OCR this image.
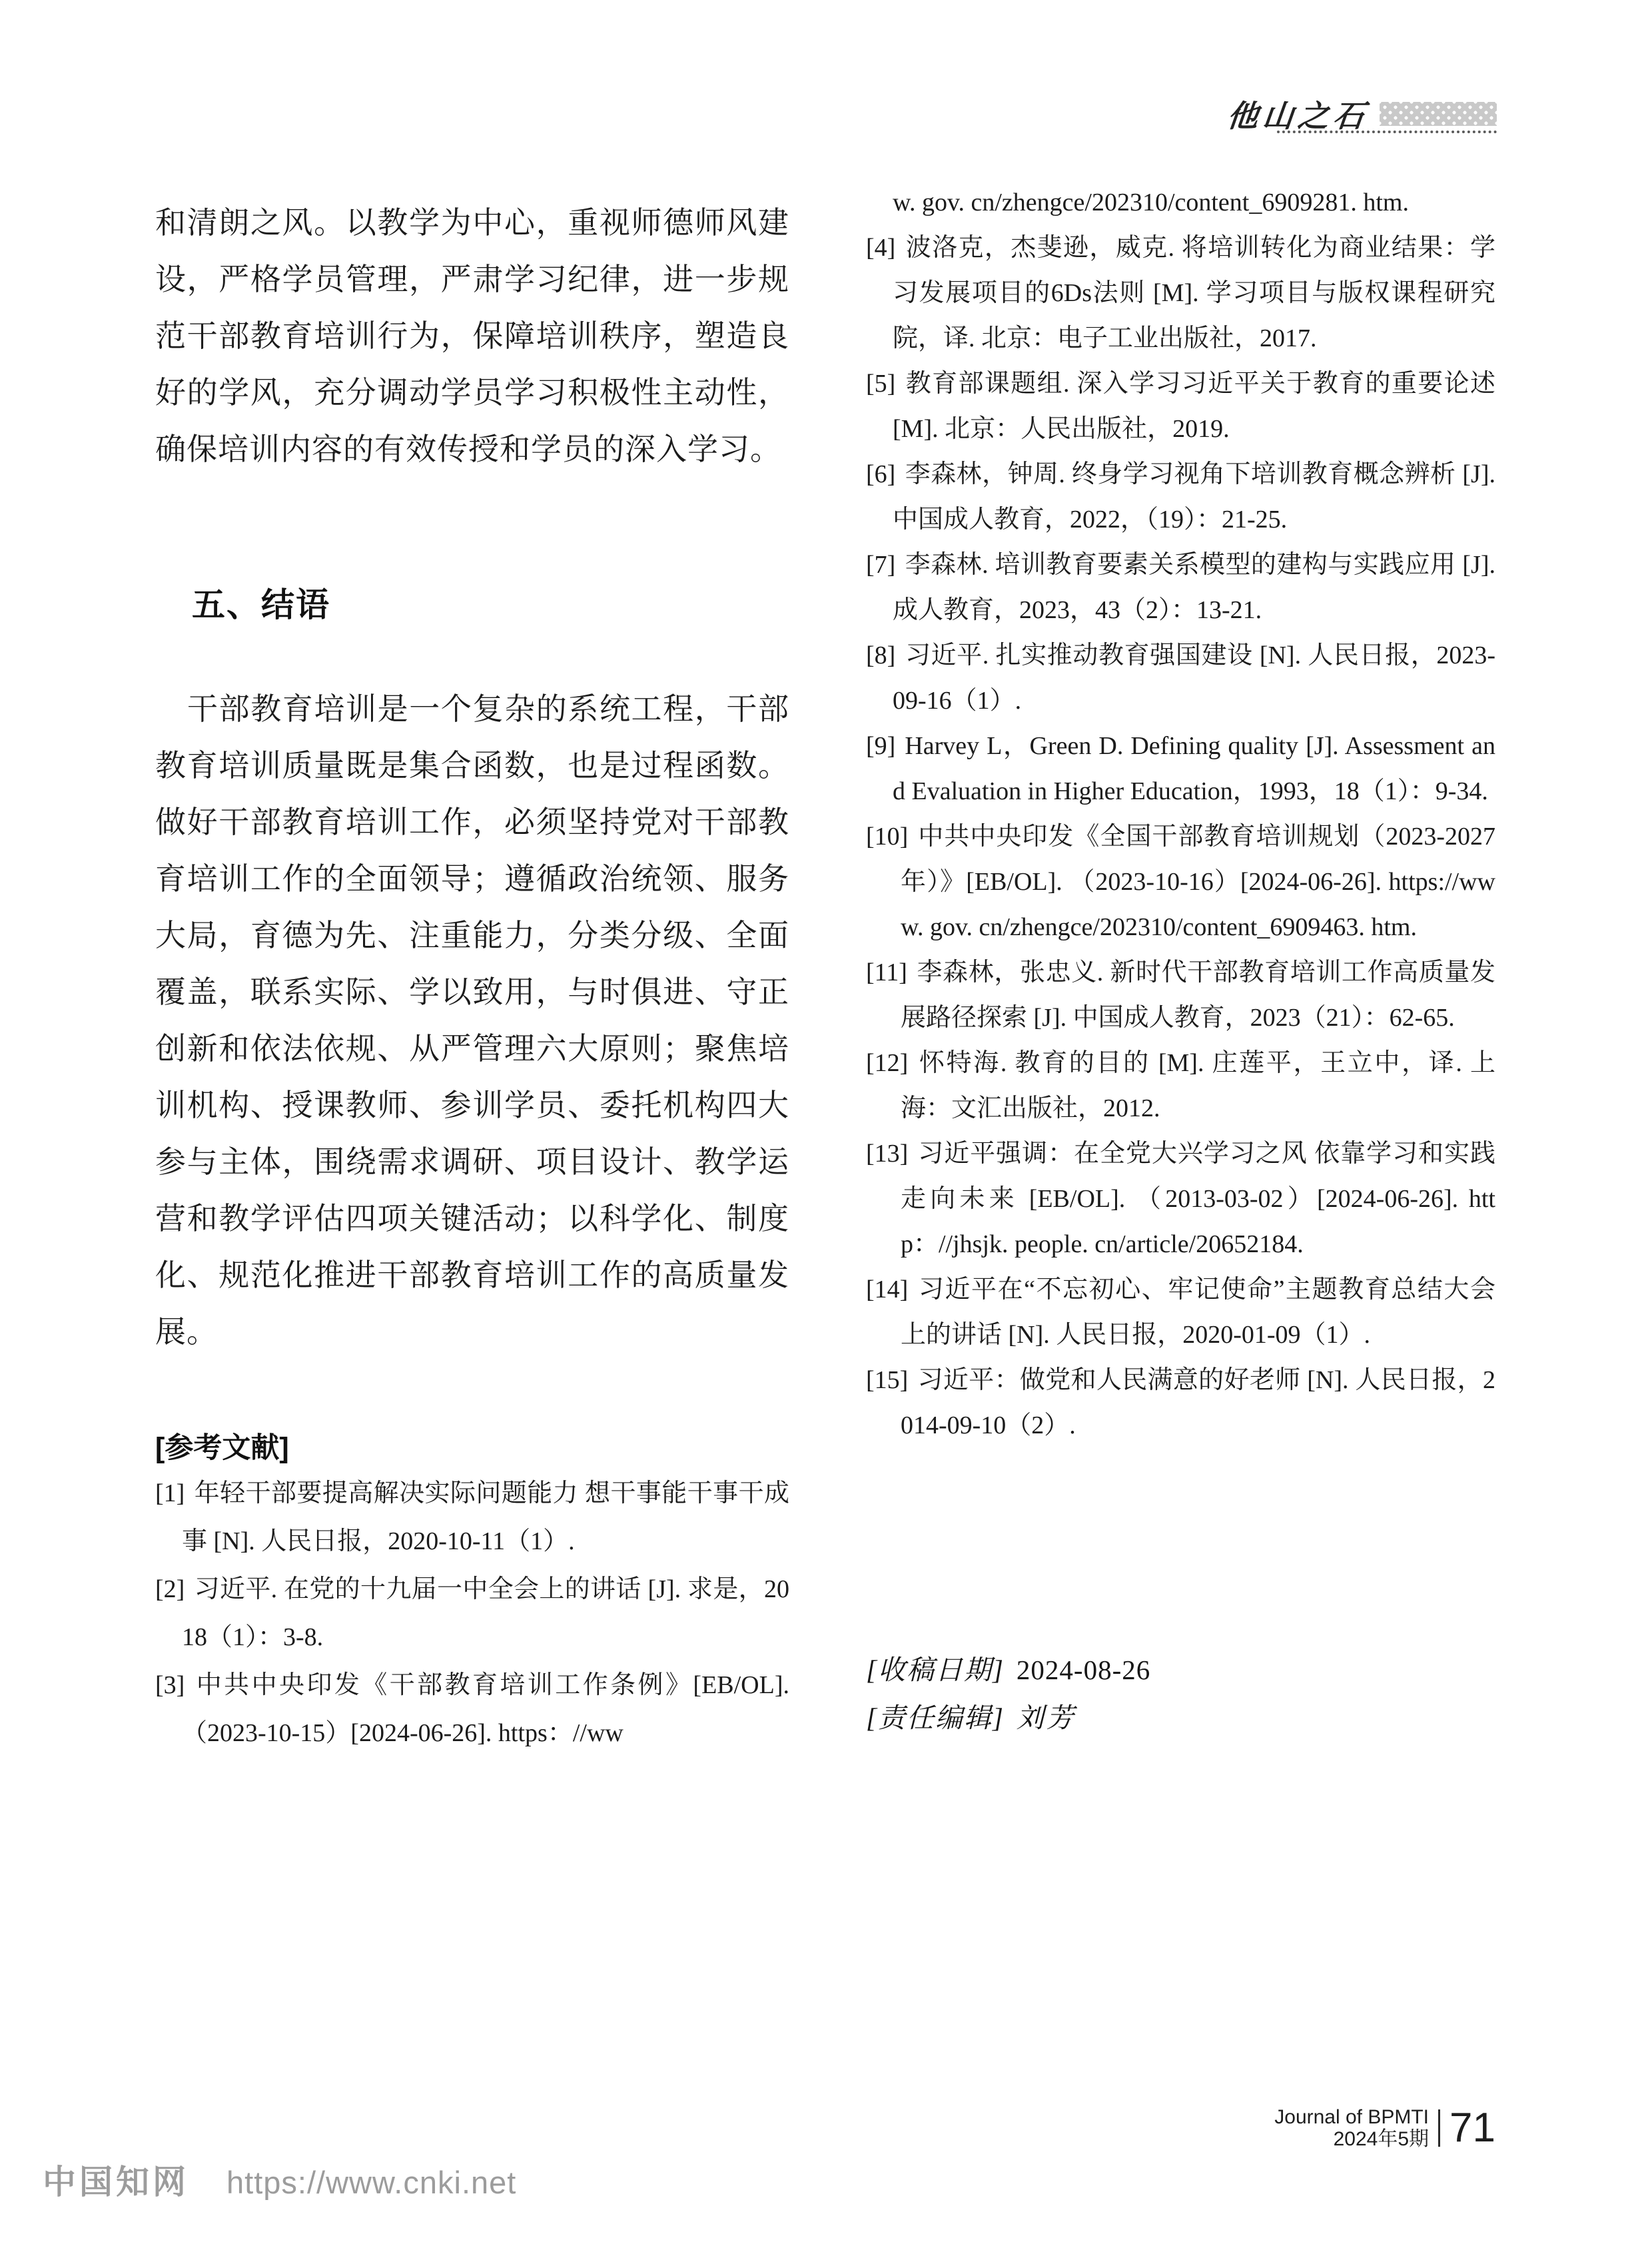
他山之石

和清朗之风。以教学为中心，重视师德师风建设，严格学员管理，严肃学习纪律，进一步规范干部教育培训行为，保障培训秩序，塑造良好的学风，充分调动学员学习积极性主动性，确保培训内容的有效传授和学员的深入学习。

五、结语

干部教育培训是一个复杂的系统工程，干部教育培训质量既是集合函数，也是过程函数。做好干部教育培训工作，必须坚持党对干部教育培训工作的全面领导；遵循政治统领、服务大局，育德为先、注重能力，分类分级、全面覆盖，联系实际、学以致用，与时俱进、守正创新和依法依规、从严管理六大原则；聚焦培训机构、授课教师、参训学员、委托机构四大参与主体，围绕需求调研、项目设计、教学运营和教学评估四项关键活动；以科学化、制度化、规范化推进干部教育培训工作的高质量发展。

[参考文献]

[1] 年轻干部要提高解决实际问题能力 想干事能干事干成事 [N]. 人民日报，2020-10-11（1）.

[2] 习近平. 在党的十九届一中全会上的讲话 [J]. 求是，2018（1）：3-8.

[3] 中共中央印发《干部教育培训工作条例》[EB/OL]. （2023-10-15）[2024-06-26]. https：//ww

w. gov. cn/zhengce/202310/content_6909281. htm.

[4] 波洛克，杰斐逊，威克. 将培训转化为商业结果：学习发展项目的6Ds法则 [M]. 学习项目与版权课程研究院，译. 北京：电子工业出版社，2017.

[5] 教育部课题组. 深入学习习近平关于教育的重要论述 [M]. 北京：人民出版社，2019.

[6] 李森林，钟周. 终身学习视角下培训教育概念辨析 [J]. 中国成人教育，2022，（19）：21-25.

[7] 李森林. 培训教育要素关系模型的建构与实践应用 [J]. 成人教育，2023，43（2）：13-21.

[8] 习近平. 扎实推动教育强国建设 [N]. 人民日报，2023-09-16（1）.

[9] Harvey L，Green D. Defining quality [J]. Assessment and Evaluation in Higher Education，1993，18（1）：9-34.

[10] 中共中央印发《全国干部教育培训规划（2023-2027年）》[EB/OL]. （2023-10-16）[2024-06-26]. https://www. gov. cn/zhengce/202310/content_6909463. htm.

[11] 李森林，张忠义. 新时代干部教育培训工作高质量发展路径探索 [J]. 中国成人教育，2023（21）：62-65.

[12] 怀特海. 教育的目的 [M]. 庄莲平，王立中，译. 上海：文汇出版社，2012.

[13] 习近平强调：在全党大兴学习之风 依靠学习和实践走向未来 [EB/OL]. （2013-03-02）[2024-06-26]. http：//jhsjk. people. cn/article/20652184.

[14] 习近平在“不忘初心、牢记使命”主题教育总结大会上的讲话 [N]. 人民日报，2020-01-09（1）.

[15] 习近平：做党和人民满意的好老师 [N]. 人民日报，2014-09-10（2）.

[收稿日期] 2024-08-26

[责任编辑] 刘芳

Journal of BPMTI
2024年5期 71
中国知网 https://www.cnki.net
